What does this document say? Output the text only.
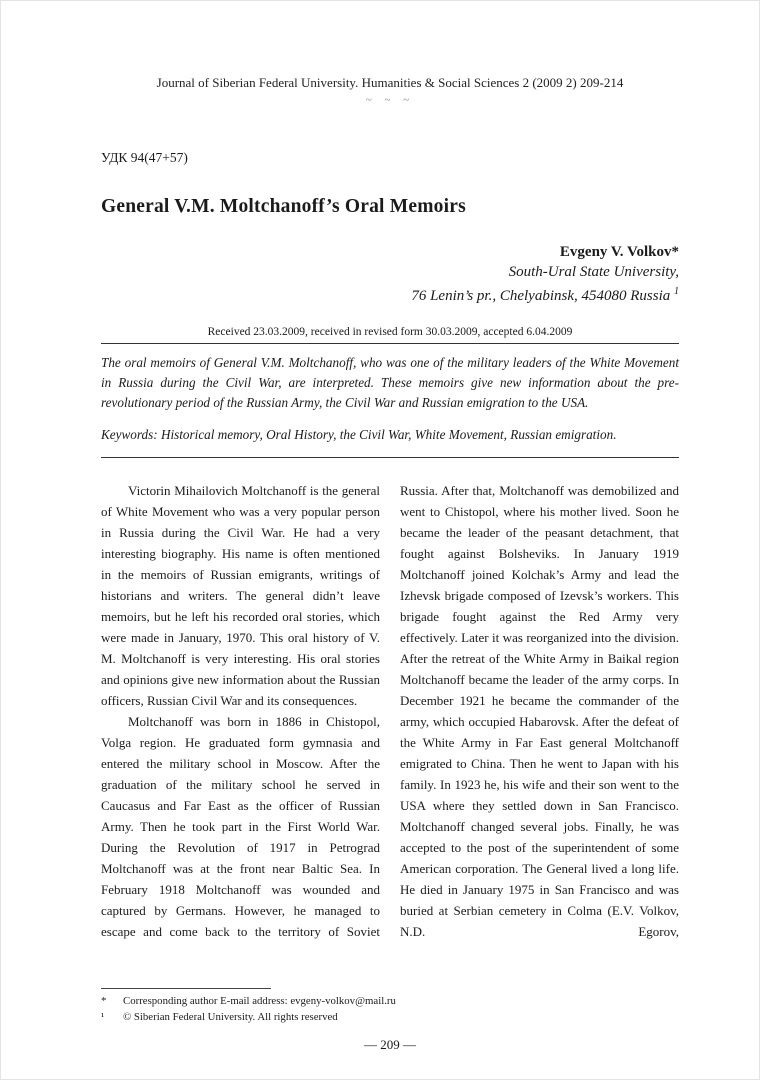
Journal of Siberian Federal University. Humanities & Social Sciences 2 (2009 2) 209-214
~ ~ ~
УДК 94(47+57)
General V.M. Moltchanoff’s Oral Memoirs
Evgeny V. Volkov*
South-Ural State University,
76 Lenin’s pr., Chelyabinsk, 454080 Russia $^1$
Received 23.03.2009, received in revised form 30.03.2009, accepted 6.04.2009
The oral memoirs of General V.M. Moltchanoff, who was one of the military leaders of the White Movement in Russia during the Civil War, are interpreted. These memoirs give new information about the pre-revolutionary period of the Russian Army, the Civil War and Russian emigration to the USA.
Keywords: Historical memory, Oral History, the Civil War, White Movement, Russian emigration.

Victorin Mihailovich Moltchanoff is the general of White Movement who was a very popular person in Russia during the Civil War. He had a very interesting biography. His name is often mentioned in the memoirs of Russian emigrants, writings of historians and writers. The general didn’t leave memoirs, but he left his recorded oral stories, which were made in January, 1970. This oral history of V. M. Moltchanoff is very interesting. His oral stories and opinions give new information about the Russian officers, Russian Civil War and its consequences.

Moltchanoff was born in 1886 in Chistopol, Volga region. He graduated form gymnasia and entered the military school in Moscow. After the graduation of the military school he served in Caucasus and Far East as the officer of Russian Army. Then he took part in the First World War. During the Revolution of 1917 in Petrograd Moltchanoff was at the front near Baltic Sea. In February 1918 Moltchanoff was wounded and captured by Germans. However, he managed to escape and come back to the territory of Soviet

Russia. After that, Moltchanoff was demobilized and went to Chistopol, where his mother lived. Soon he became the leader of the peasant detachment, that fought against Bolsheviks. In January 1919 Moltchanoff joined Kolchak’s Army and lead the Izhevsk brigade composed of Izevsk’s workers. This brigade fought against the Red Army very effectively. Later it was reorganized into the division. After the retreat of the White Army in Baikal region Moltchanoff became the leader of the army corps. In December 1921 he became the commander of the army, which occupied Habarovsk. After the defeat of the White Army in Far East general Moltchanoff emigrated to China. Then he went to Japan with his family. In 1923 he, his wife and their son went to the USA where they settled down in San Francisco. Moltchanoff changed several jobs. Finally, he was accepted to the post of the superintendent of some American corporation. The General lived a long life. He died in January 1975 in San Francisco and was buried at Serbian cemetery in Colma (E.V. Volkov, N.D. Egorov,

*	Corresponding author E-mail address: evgeny-volkov@mail.ru
¹	© Siberian Federal University. All rights reserved
— 209 —
